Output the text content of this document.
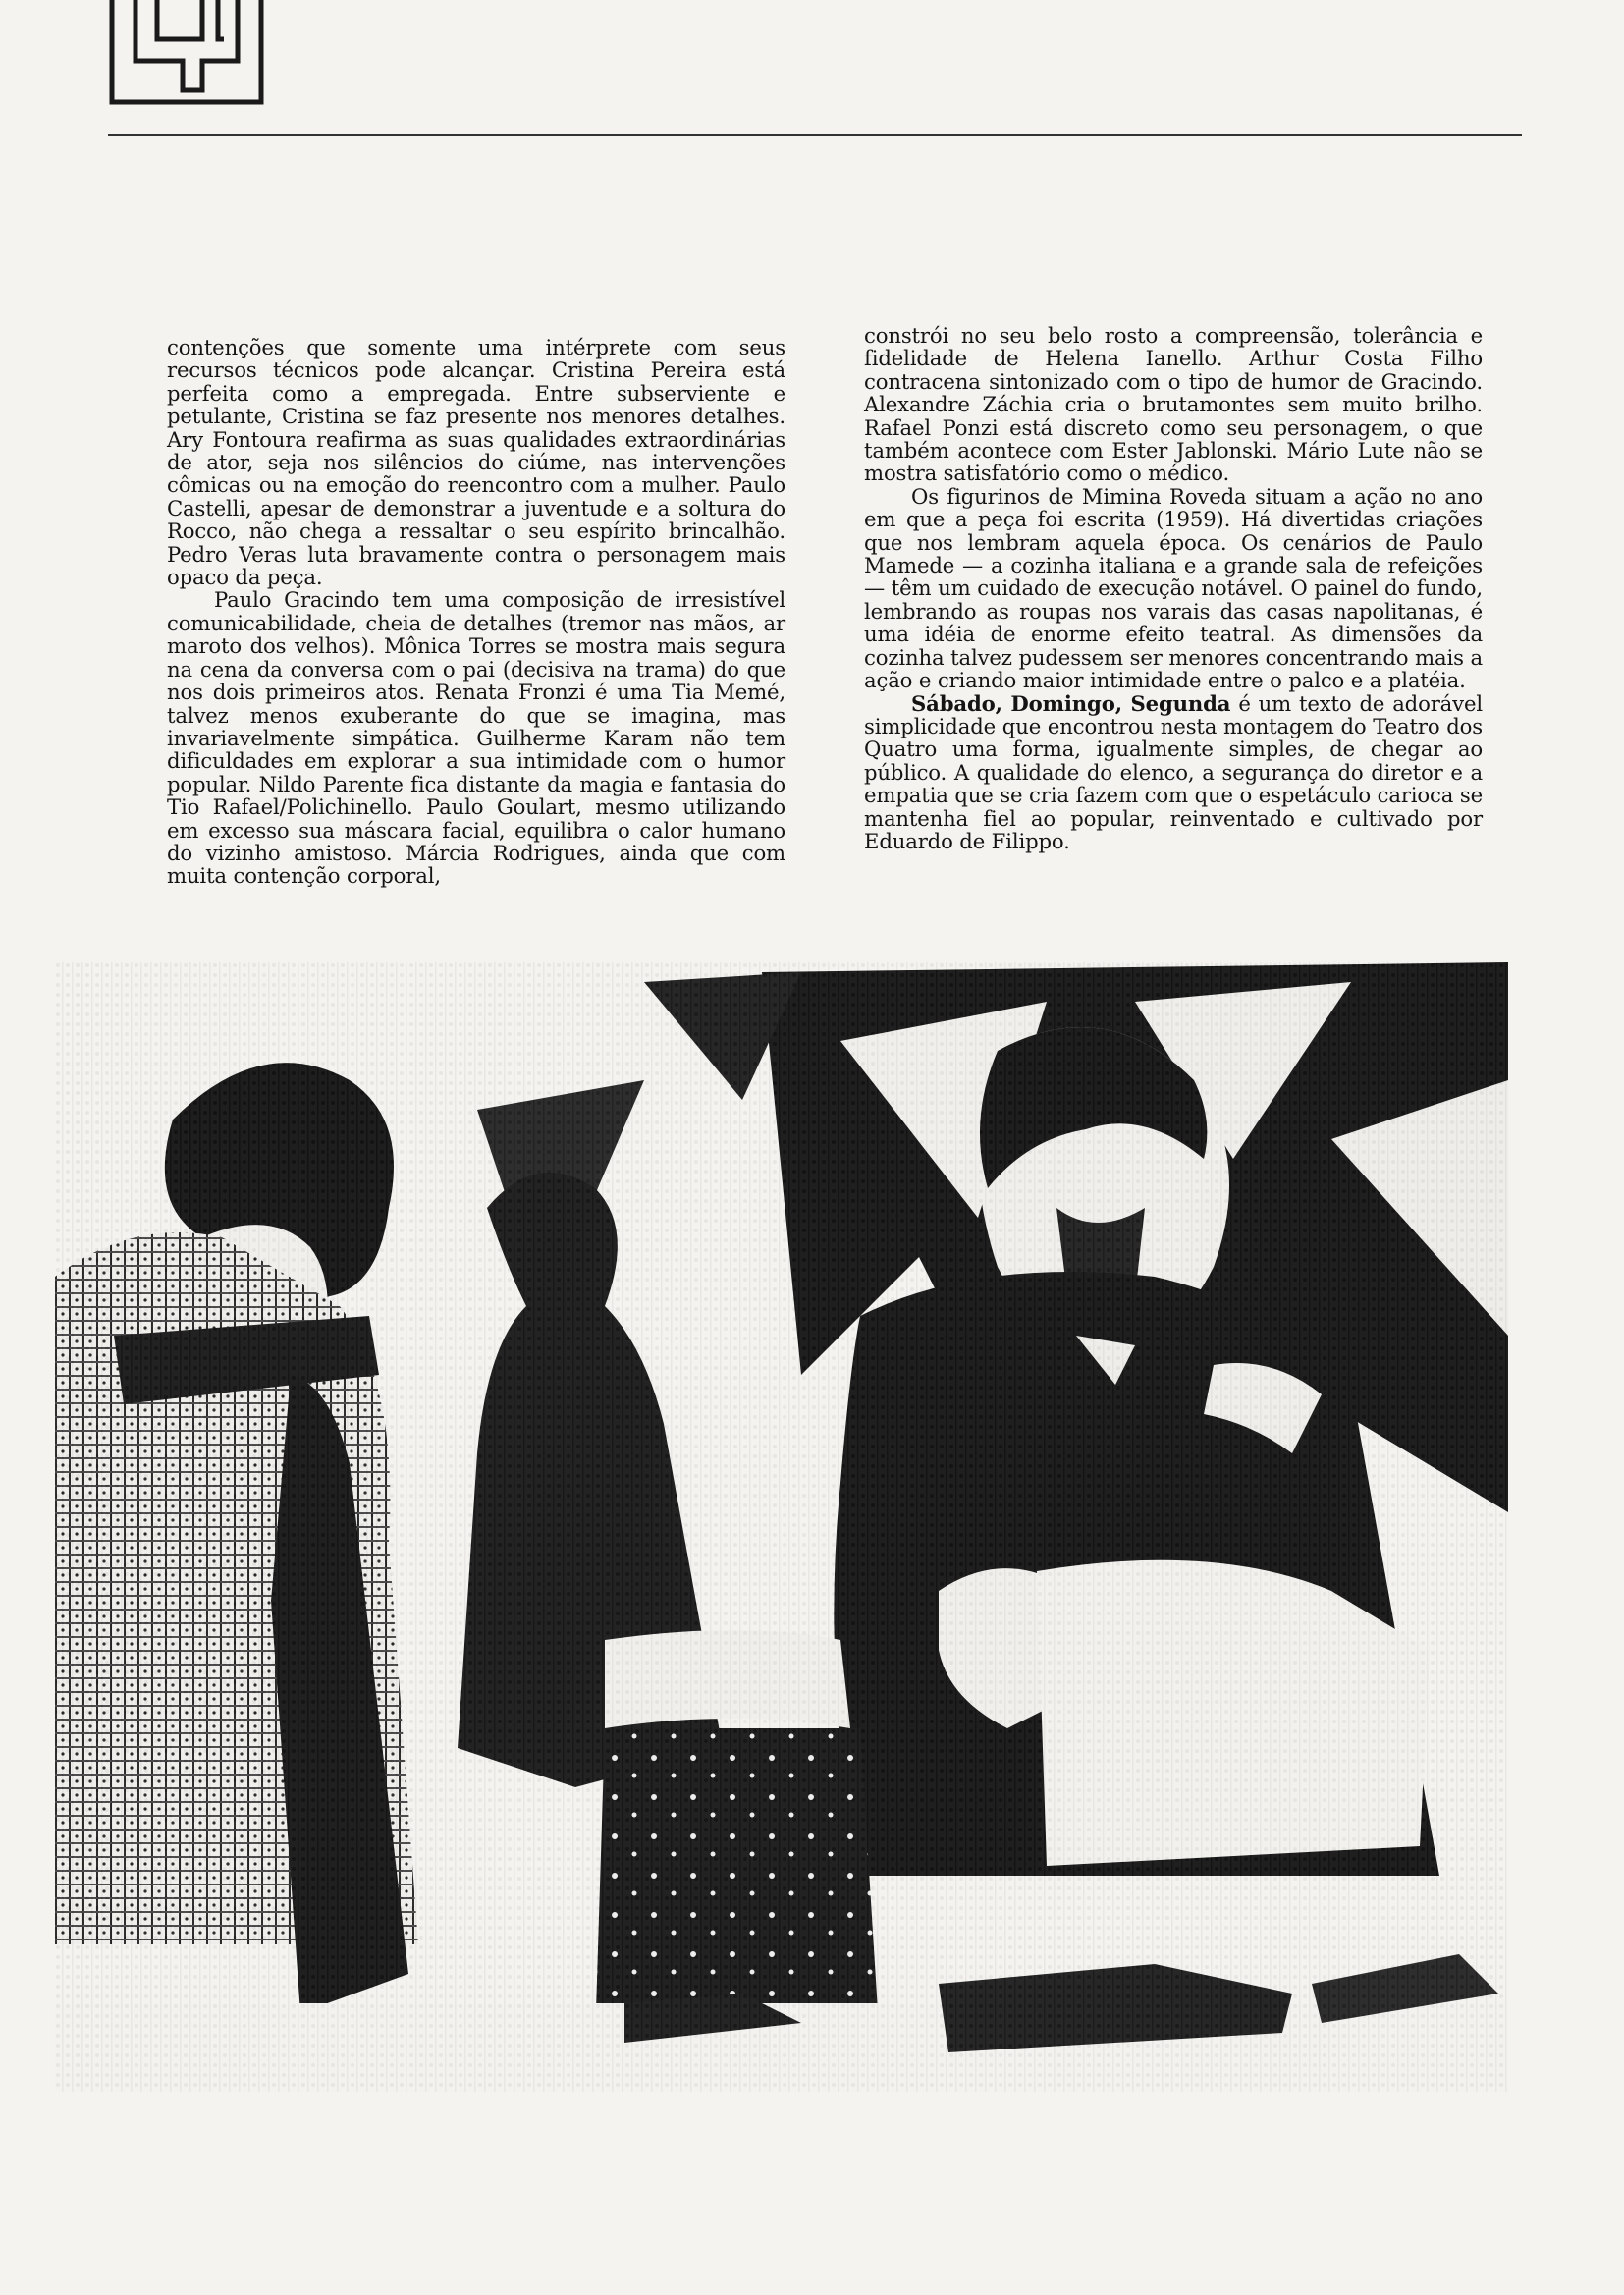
contenções que somente uma intérprete com seus recursos técnicos pode alcançar. Cristina Pereira está perfeita como a empregada. Entre subserviente e petulante, Cristina se faz presente nos menores detalhes. Ary Fontoura reafirma as suas qualidades extraordinárias de ator, seja nos silêncios do ciúme, nas intervenções cômicas ou na emoção do reencontro com a mulher. Paulo Castelli, apesar de demonstrar a juventude e a soltura do Rocco, não chega a ressaltar o seu espírito brincalhão. Pedro Veras luta bravamente contra o personagem mais opaco da peça.

Paulo Gracindo tem uma composição de irresistível comunicabilidade, cheia de detalhes (tremor nas mãos, ar maroto dos velhos). Mônica Torres se mostra mais segura na cena da conversa com o pai (decisiva na trama) do que nos dois primeiros atos. Renata Fronzi é uma Tia Memé, talvez menos exuberante do que se imagina, mas invariavelmente simpática. Guilherme Karam não tem dificuldades em explorar a sua intimidade com o humor popular. Nildo Parente fica distante da magia e fantasia do Tio Rafael/Polichinello. Paulo Goulart, mesmo utilizando em excesso sua máscara facial, equilibra o calor humano do vizinho amistoso. Márcia Rodrigues, ainda que com muita contenção corporal,

constrói no seu belo rosto a compreensão, tolerância e fidelidade de Helena Ianello. Arthur Costa Filho contracena sintonizado com o tipo de humor de Gracindo. Alexandre Záchia cria o brutamontes sem muito brilho. Rafael Ponzi está discreto como seu personagem, o que também acontece com Ester Jablonski. Mário Lute não se mostra satisfatório como o médico.

Os figurinos de Mimina Roveda situam a ação no ano em que a peça foi escrita (1959). Há divertidas criações que nos lembram aquela época. Os cenários de Paulo Mamede — a cozinha italiana e a grande sala de refeições — têm um cuidado de execução notável. O painel do fundo, lembrando as roupas nos varais das casas napolitanas, é uma idéia de enorme efeito teatral. As dimensões da cozinha talvez pudessem ser menores concentrando mais a ação e criando maior intimidade entre o palco e a platéia.

Sábado, Domingo, Segunda é um texto de adorável simplicidade que encontrou nesta montagem do Teatro dos Quatro uma forma, igualmente simples, de chegar ao público. A qualidade do elenco, a segurança do diretor e a empatia que se cria fazem com que o espetáculo carioca se mantenha fiel ao popular, reinventado e cultivado por Eduardo de Filippo.
